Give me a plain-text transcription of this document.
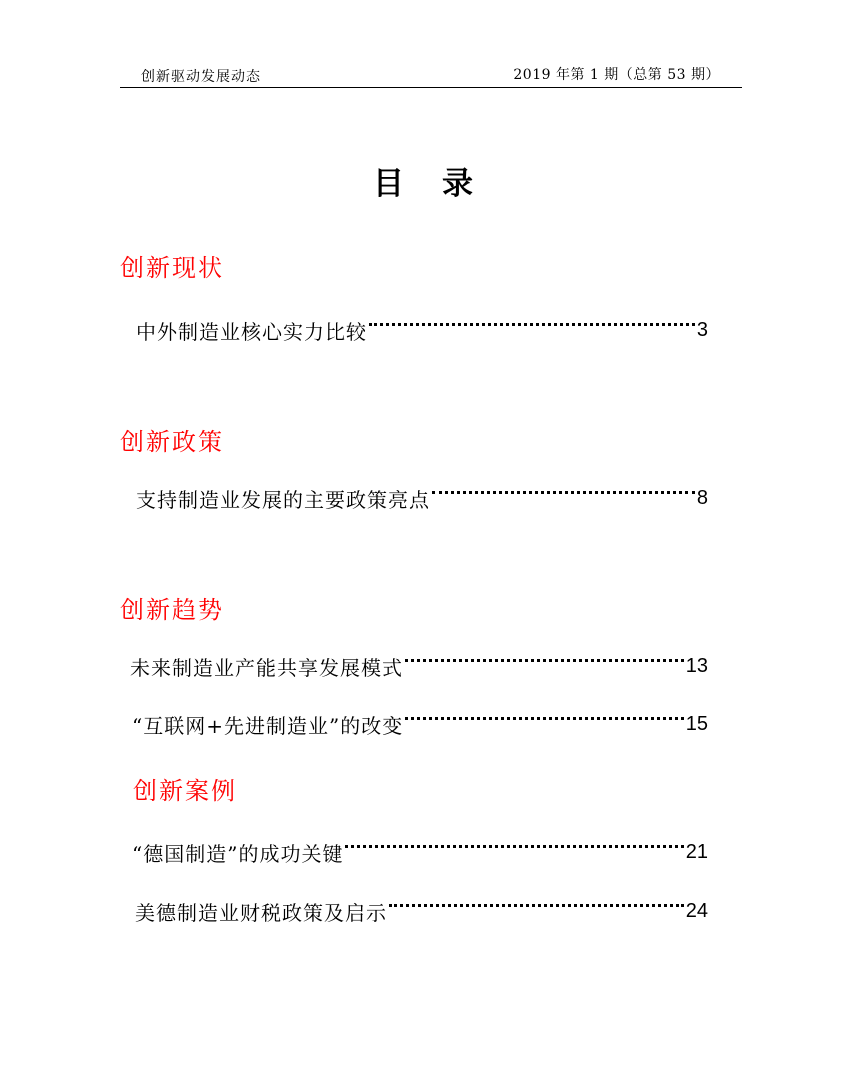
创新驱动发展动态	2019 年第 1 期（总第 53 期）
目录
创新现状
中外制造业核心实力比较	3
创新政策
支持制造业发展的主要政策亮点	8
创新趋势
未来制造业产能共享发展模式	13
“互联网+先进制造业”的改变	15
创新案例
“德国制造”的成功关键	21
美德制造业财税政策及启示	24
